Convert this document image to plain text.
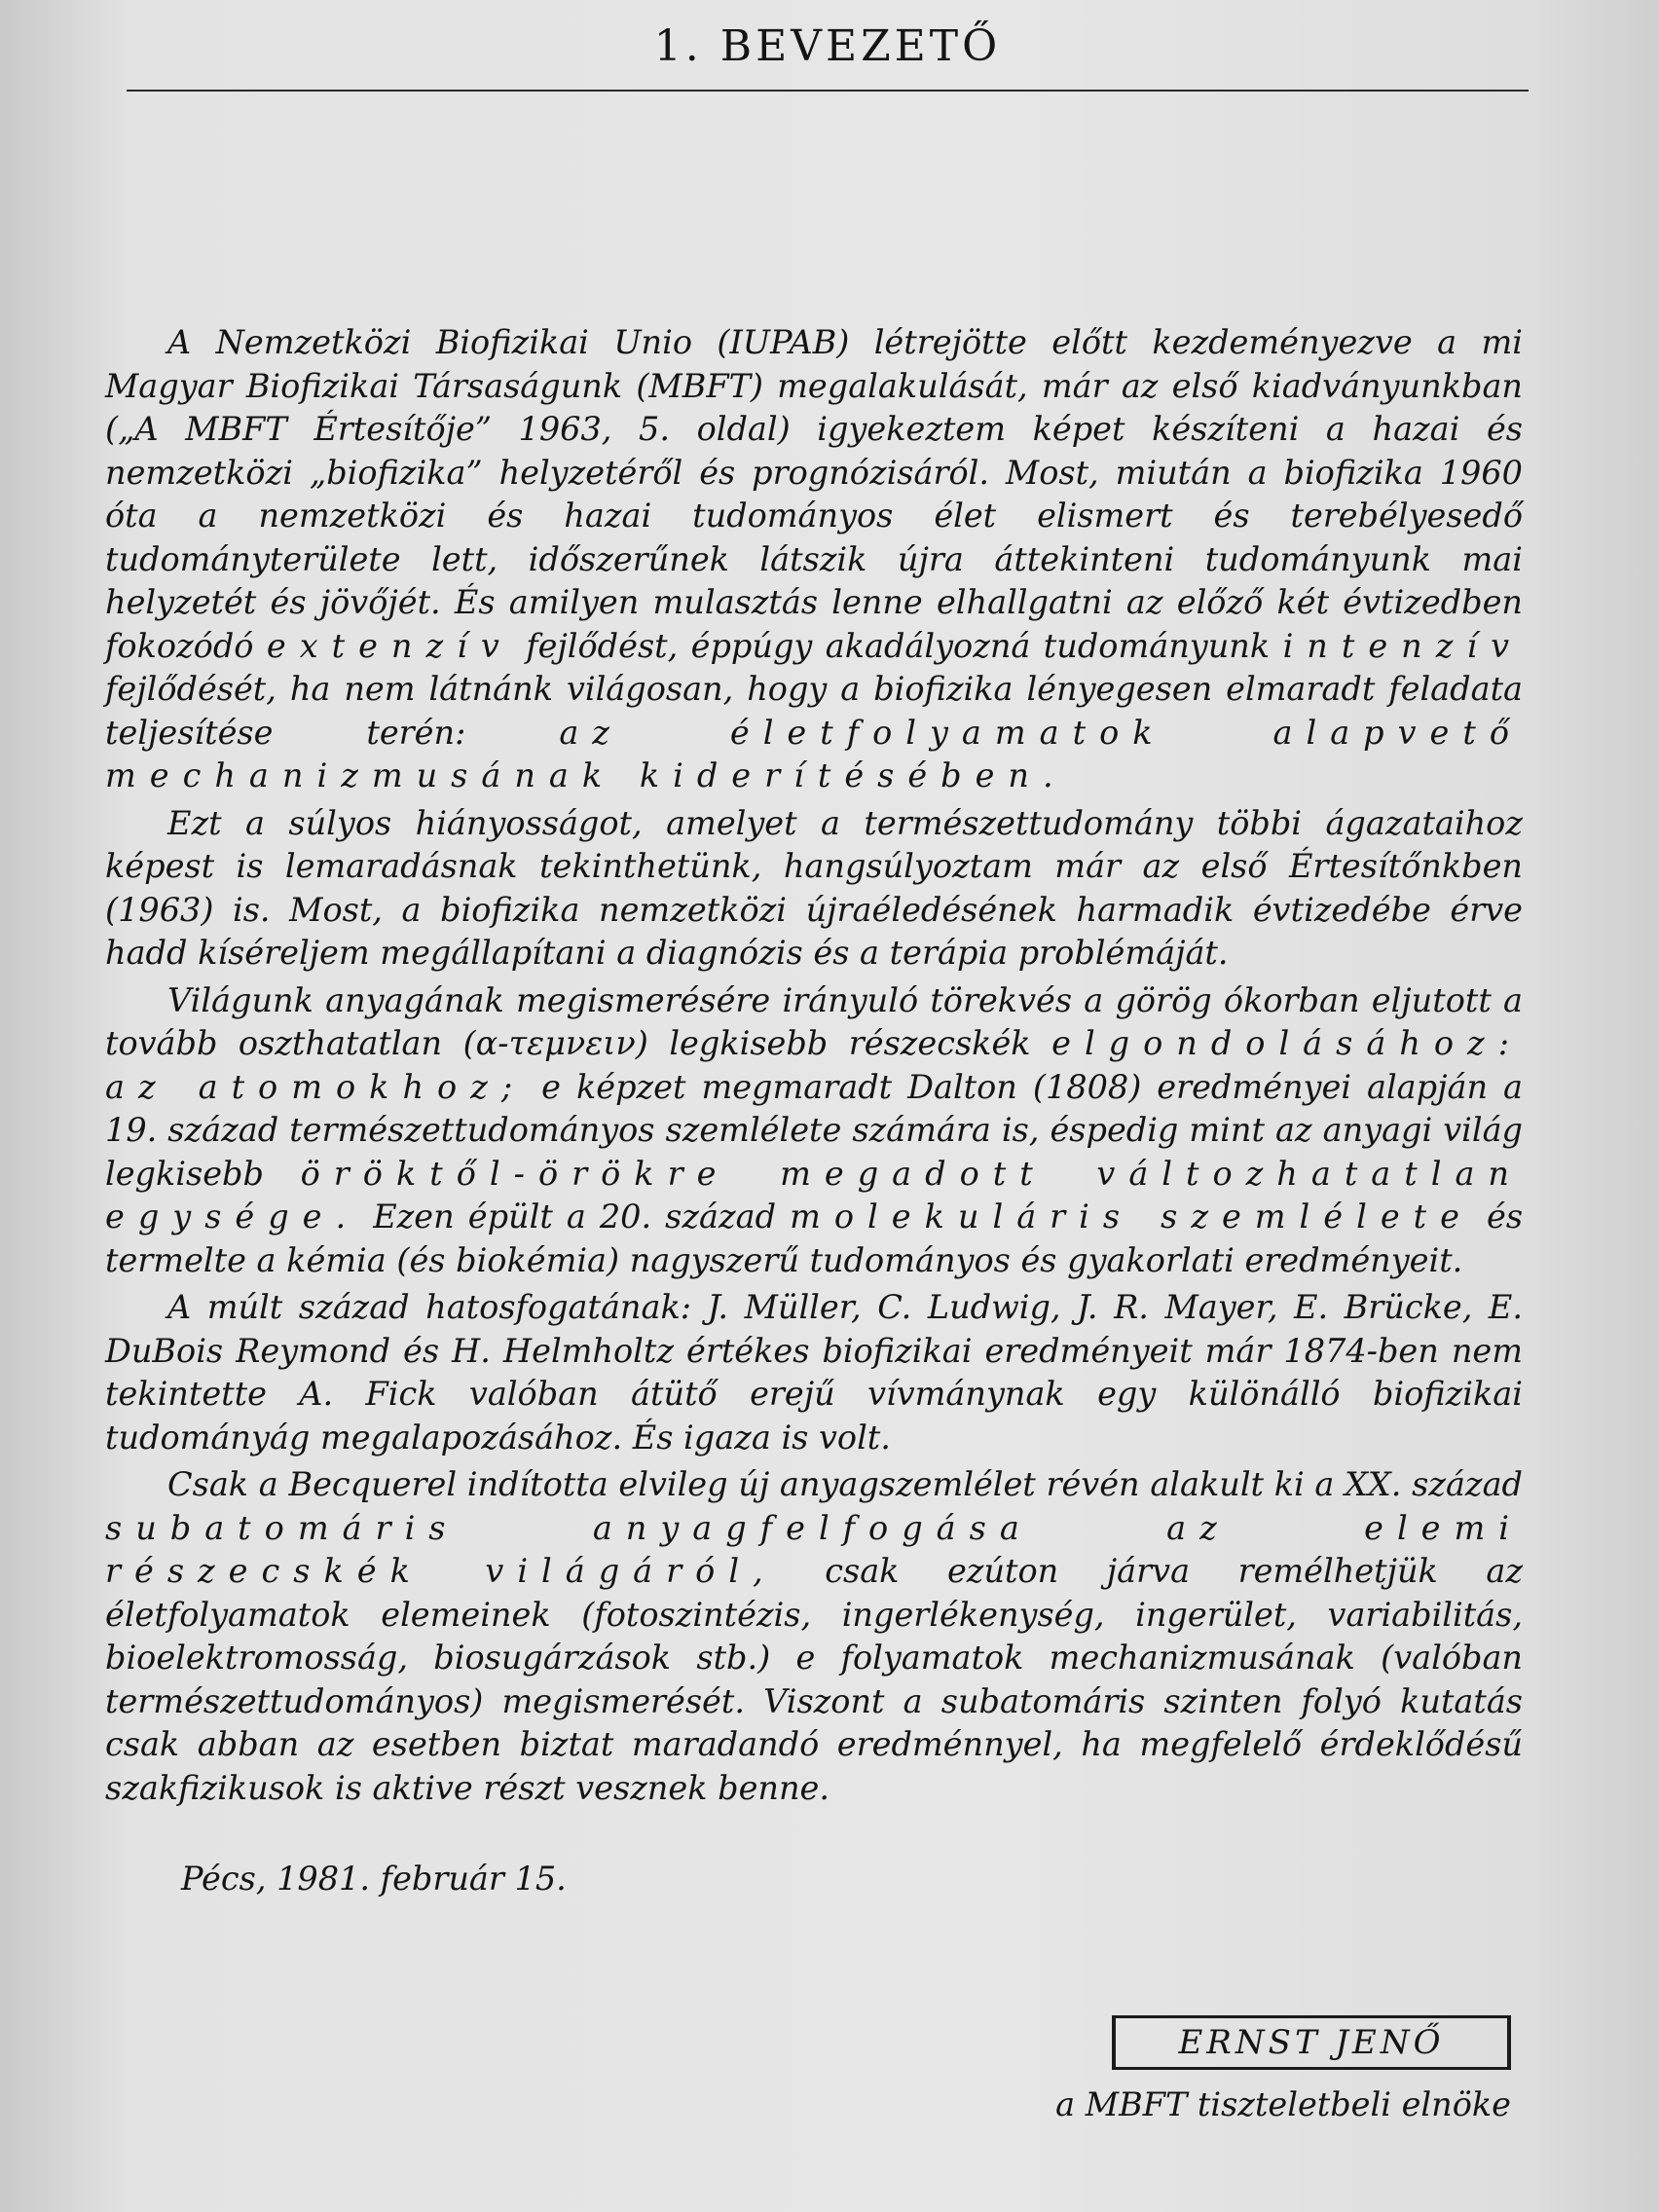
1. BEVEZETŐ

A Nemzetközi Biofizikai Unio (IUPAB) létrejötte előtt kezdeményezve a mi Magyar Biofizikai Társaságunk (MBFT) megalakulását, már az első kiadványunkban („A MBFT Értesítője” 1963, 5. oldal) igyekeztem képet készíteni a hazai és nemzetközi „biofizika” helyzetéről és prognózisáról. Most, miután a biofizika 1960 óta a nemzetközi és hazai tudományos élet elismert és terebélyesedő tudományterülete lett, időszerűnek látszik újra áttekinteni tudományunk mai helyzetét és jövőjét. És amilyen mulasztás lenne elhallgatni az előző két évtizedben fokozódó extenzív fejlődést, éppúgy akadályozná tudományunk intenzív fejlődését, ha nem látnánk világosan, hogy a biofizika lényegesen elmaradt feladata teljesítése terén:	az életfolyamatok alapvető mechanizmusának kiderítésében.

Ezt a súlyos hiányosságot, amelyet a természettudomány többi ágazataihoz képest is lemaradásnak tekinthetünk, hangsúlyoztam már az első Értesítőnkben (1963) is. Most, a biofizika nemzetközi újraéledésének harmadik évtizedébe érve hadd kíséreljem megállapítani a diagnózis és a terápia problémáját.

Világunk anyagának megismerésére irányuló törekvés a görög ókorban eljutott a tovább oszthatatlan (α-τεμνειν) legkisebb részecskék elgondolásához: az atomokhoz; e képzet megmaradt Dalton (1808) eredményei alapján a 19. század természettudományos szemlélete számára is, éspedig mint az anyagi világ legkisebb öröktől-örökre megadott változhatatlan egysége. Ezen épült a 20. század molekuláris szemlélete és termelte a kémia (és biokémia) nagyszerű tudományos és gyakorlati eredményeit.

A múlt század hatosfogatának: J. Müller, C. Ludwig, J. R. Mayer, E. Brücke, E. DuBois Reymond és H. Helmholtz értékes biofizikai eredményeit már 1874-ben nem tekintette A. Fick valóban átütő erejű vívmánynak egy különálló biofizikai tudományág megalapozásához. És igaza is volt.

Csak a Becquerel indította elvileg új anyagszemlélet révén alakult ki a XX. század subatomáris anyagfelfogása az elemi részecskék világáról, csak ezúton járva remélhetjük az életfolyamatok elemeinek (fotoszintézis, ingerlékenység, ingerület, variabilitás, bioelektromosság, biosugárzások stb.) e folyamatok mechanizmusának (valóban természettudományos) megismerését. Viszont a subatomáris szinten folyó kutatás csak abban az esetben biztat maradandó eredménnyel, ha megfelelő érdeklődésű szakfizikusok is aktive részt vesznek benne.

Pécs, 1981. február 15.
ERNST JENŐ
a MBFT tiszteletbeli elnöke
